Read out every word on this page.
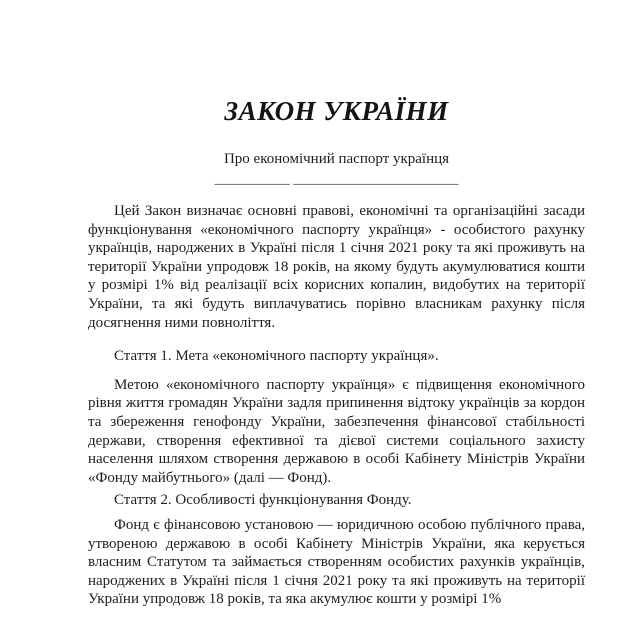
ЗАКОН УКРАЇНИ
Про економічний паспорт українця
__________ ______________________

Цей Закон визначає основні правові, економічні та організаційні засади функціонування «економічного паспорту українця» - особистого рахунку українців, народжених в Україні після 1 січня 2021 року та які проживуть на території України упродовж 18 років, на якому будуть акумулюватися кошти у розмірі 1% від реалізації всіх корисних копалин, видобутих на території України, та які будуть виплачуватись порівно власникам рахунку після досягнення ними повноліття.

Стаття 1. Мета «економічного паспорту українця».

Метою «економічного паспорту українця» є підвищення економічного рівня життя громадян України задля припинення відтоку українців за кордон та збереження генофонду України, забезпечення фінансової стабільності держави, створення ефективної та дієвої системи соціального захисту населення шляхом створення державою в особі Кабінету Міністрів України «Фонду майбутнього» (далі — Фонд).

Стаття 2. Особливості функціонування Фонду.

Фонд є фінансовою установою — юридичною особою публічного права, утвореною державою в особі Кабінету Міністрів України, яка керується власним Статутом та займається створенням особистих рахунків українців, народжених в Україні після 1 січня 2021 року та які проживуть на території України упродовж 18 років, та яка акумулює кошти у розмірі 1%
